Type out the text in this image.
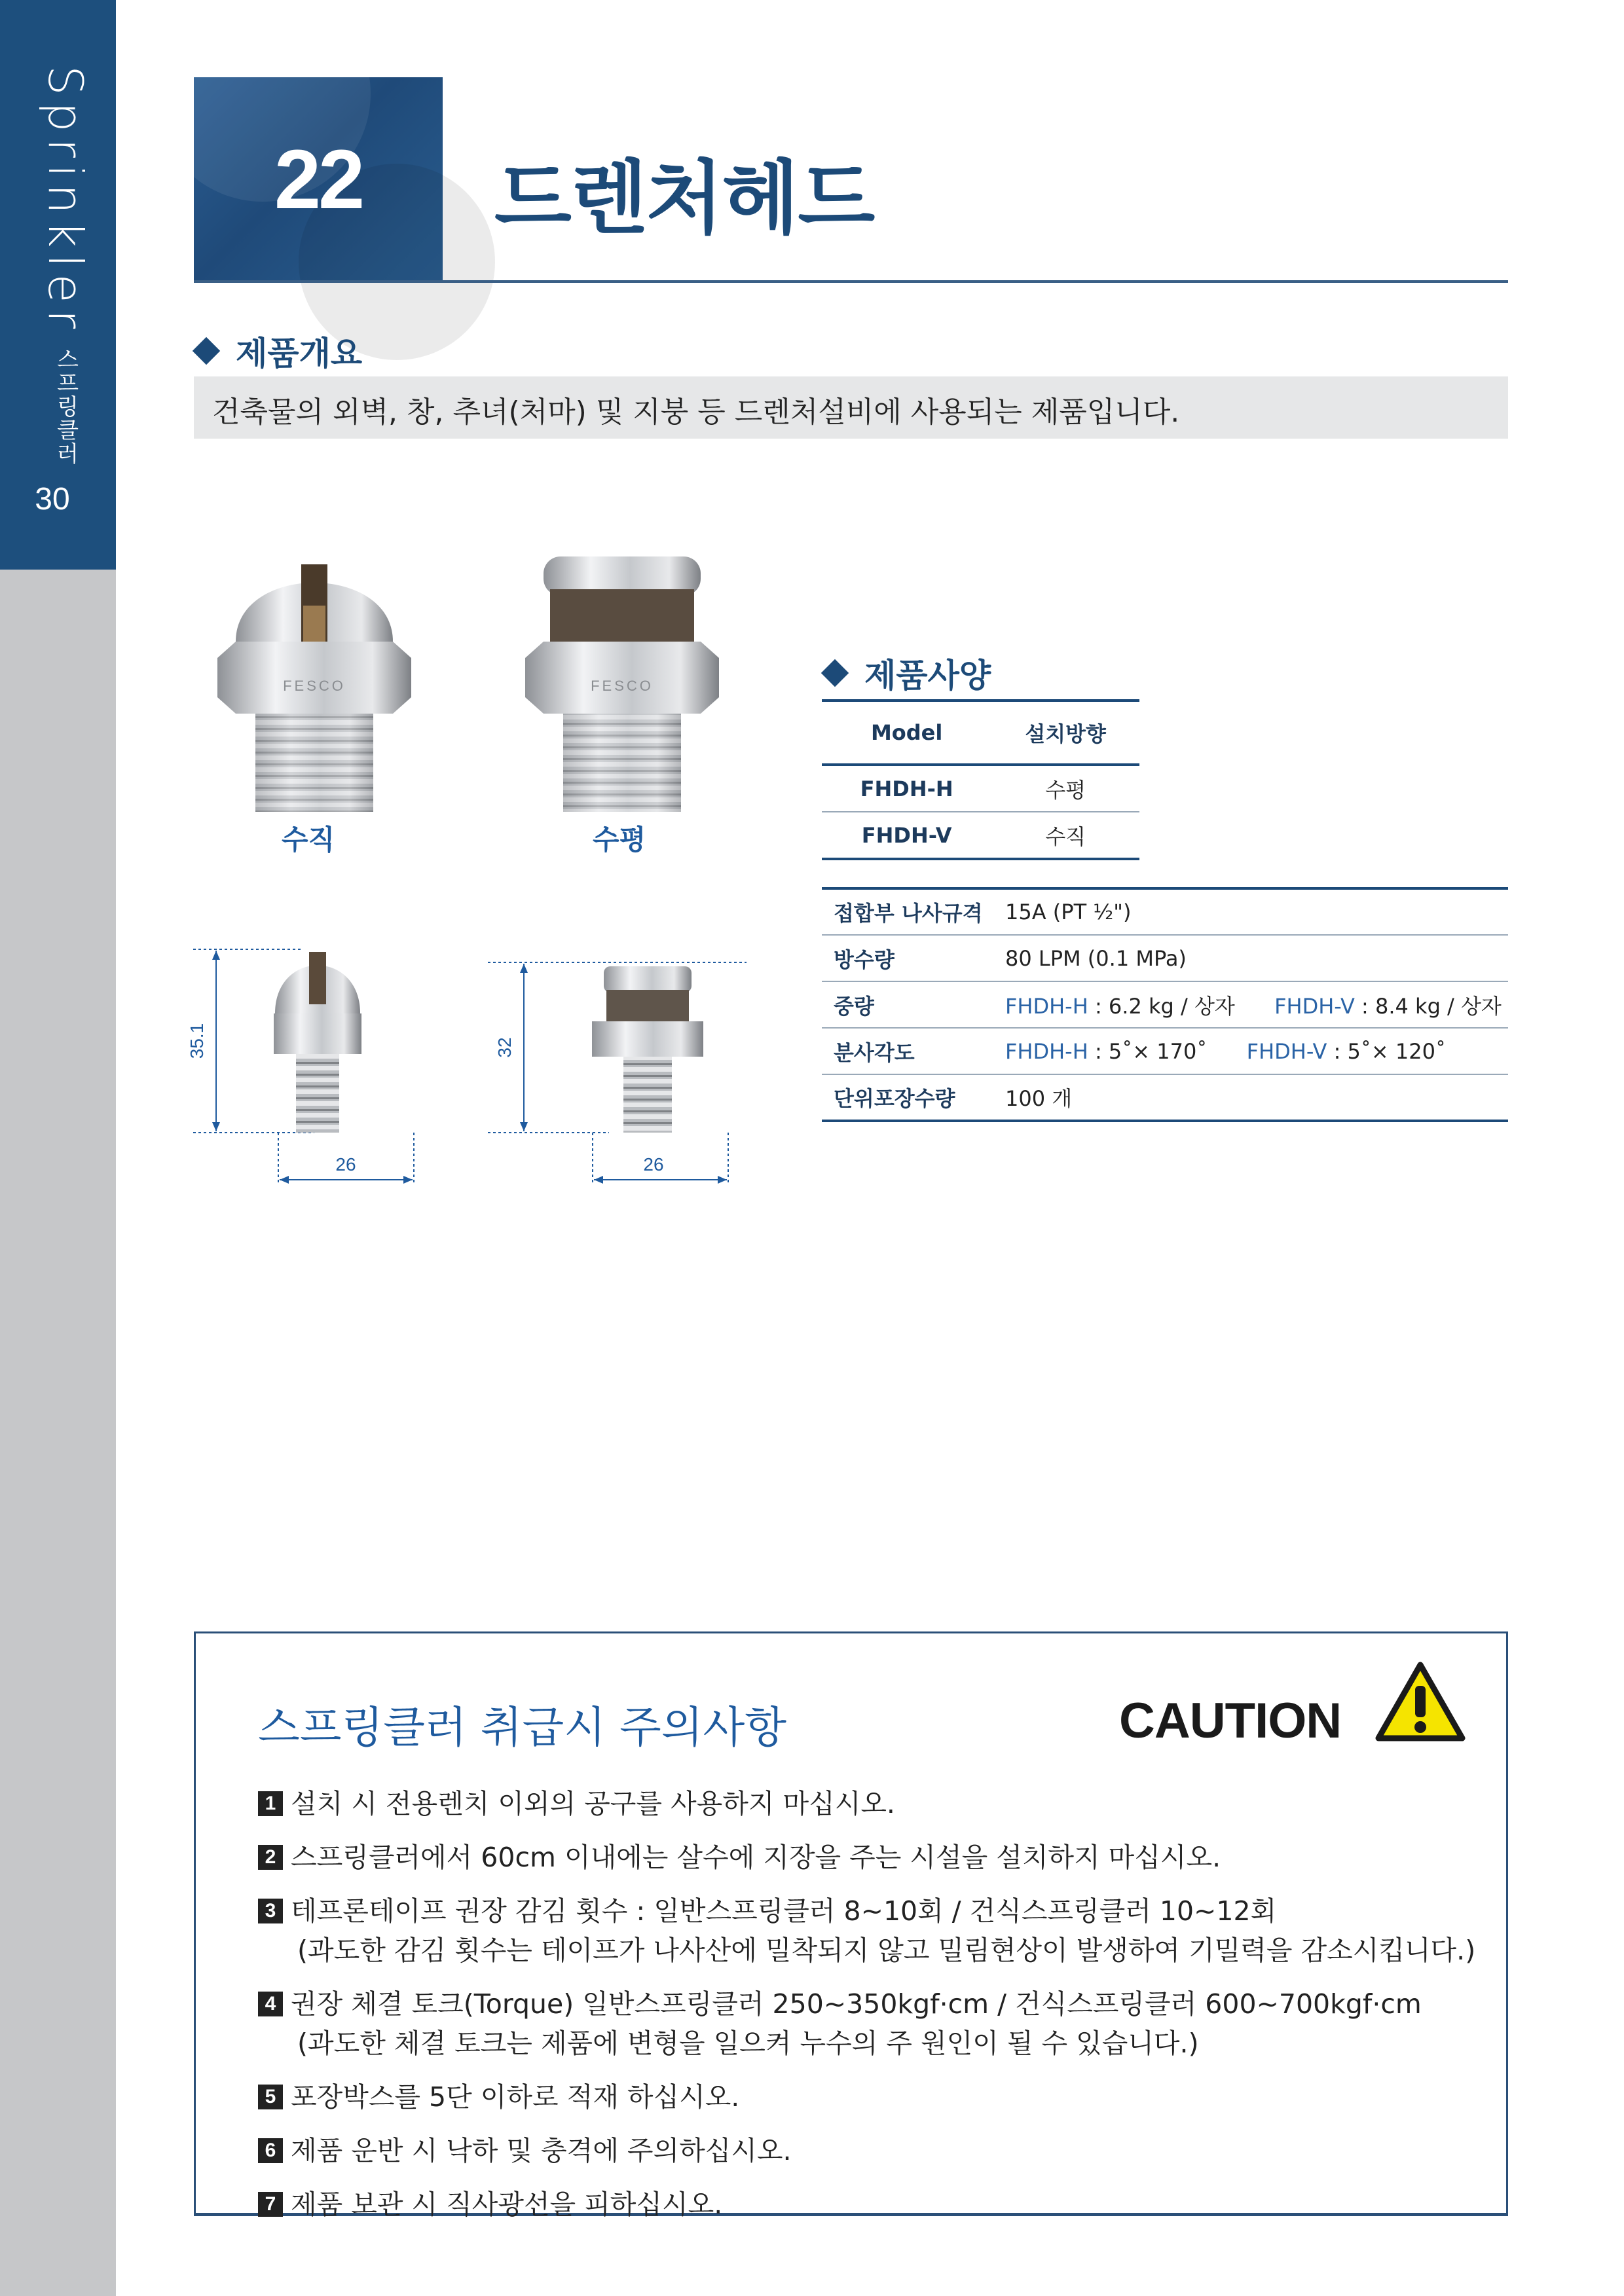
Sprinkler 스프링클러
30
22	드렌처헤드
제품개요
건축물의 외벽, 창, 추녀(처마) 및 지붕 등 드렌처설비에 사용되는 제품입니다.
FESCO
수직
FESCO
수평
35.1
26
32
26
제품사양
Model	설치방향
FHDH-H	수평
FHDH-V	수직
접합부 나사규격	15A (PT ½")
방수량	80 LPM (0.1 MPa)
중량	FHDH-H : 6.2 kg / 상자 FHDH-V : 8.4 kg / 상자
분사각도	FHDH-H : 5˚× 170˚ FHDH-V : 5˚× 120˚
단위포장수량	100 개
스프링클러 취급시 주의사항	CAUTION
1 설치 시 전용렌치 이외의 공구를 사용하지 마십시오.
2 스프링클러에서 60cm 이내에는 살수에 지장을 주는 시설을 설치하지 마십시오.
3 테프론테이프 권장 감김 횟수 : 일반스프링클러 8~10회 / 건식스프링클러 10~12회
(과도한 감김 횟수는 테이프가 나사산에 밀착되지 않고 밀림현상이 발생하여 기밀력을 감소시킵니다.)
4 권장 체결 토크(Torque) 일반스프링클러 250~350kgf·cm / 건식스프링클러 600~700kgf·cm
(과도한 체결 토크는 제품에 변형을 일으켜 누수의 주 원인이 될 수 있습니다.)
5 포장박스를 5단 이하로 적재 하십시오.
6 제품 운반 시 낙하 및 충격에 주의하십시오.
7 제품 보관 시 직사광선을 피하십시오.
